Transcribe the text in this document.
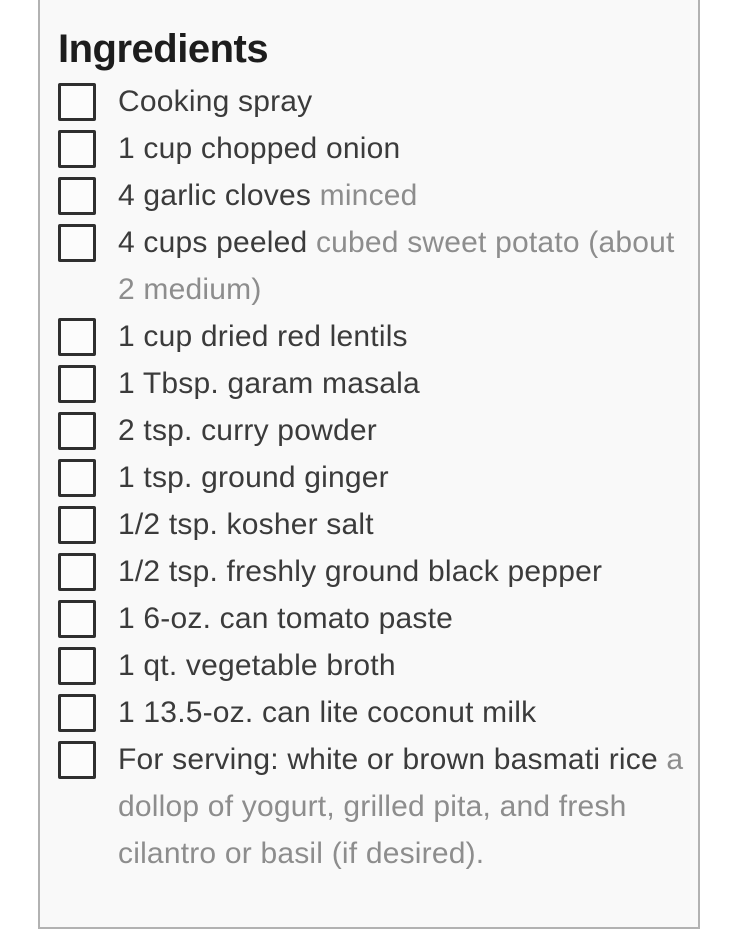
Ingredients
Cooking spray
1 cup chopped onion
4 garlic cloves minced
4 cups peeled cubed sweet potato (about 2 medium)
1 cup dried red lentils
1 Tbsp. garam masala
2 tsp. curry powder
1 tsp. ground ginger
1/2 tsp. kosher salt
1/2 tsp. freshly ground black pepper
1 6-oz. can tomato paste
1 qt. vegetable broth
1 13.5-oz. can lite coconut milk
For serving: white or brown basmati rice a dollop of yogurt, grilled pita, and fresh cilantro or basil (if desired).
